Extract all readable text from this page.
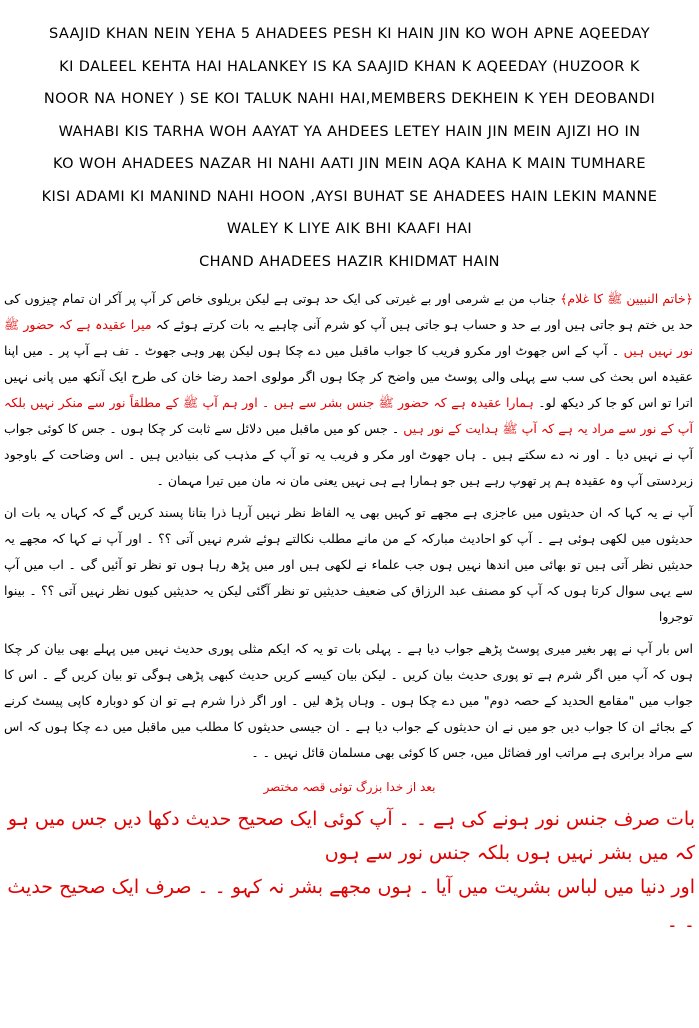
SAAJID KHAN NEIN YEHA 5 AHADEES PESH KI HAIN JIN KO WOH APNE AQEEDAY

KI DALEEL KEHTA HAI HALANKEY IS KA SAAJID KHAN K AQEEDAY (HUZOOR K

NOOR NA HONEY ) SE KOI TALUK NAHI HAI,MEMBERS DEKHEIN K YEH DEOBANDI

WAHABI KIS TARHA WOH AAYAT YA AHDEES LETEY HAIN JIN MEIN AJIZI HO IN

KO WOH AHADEES NAZAR HI NAHI AATI JIN MEIN AQA KAHA K MAIN TUMHARE

KISI ADAMI KI MANIND NAHI HOON ,AYSI BUHAT SE AHADEES HAIN LEKIN MANNE

WALEY K LIYE AIK BHI KAAFI HAI

CHAND AHADEES HAZIR KHIDMAT HAIN

﴿خاتم النبیین ﷺ کا غلام﴾ جناب من بے شرمی اور بے غیرتی کی ایک حد ہوتی ہے لیکن بریلوی خاص کر آپ پر آکر ان تمام چیزوں کی حد یں ختم ہو جاتی ہیں اور بے حد و حساب ہو جاتی ہیں آپ کو شرم آنی چاہیے یہ بات کرتے ہوئے کہ میرا عقیدہ ہے کہ حضور ﷺ نور نہیں ہیں ۔ آپ کے اس جھوٹ اور مکرو فریب کا جواب ماقبل میں دے چکا ہوں لیکن پھر وہی جھوٹ ۔ تف ہے آپ پر ۔ میں اپنا عقیدہ اس بحث کی سب سے پہلی والی پوسٹ میں واضح کر چکا ہوں اگر مولوی احمد رضا خان کی طرح ایک آنکھ میں پانی نہیں اترا تو اس کو جا کر دیکھ لو۔ ہمارا عقیدہ ہے کہ حضور ﷺ جنس بشر سے ہیں ۔ اور ہم آپ ﷺ کے مطلقاً نور سے منکر نہیں بلکہ آپ کے نور سے مراد یہ ہے کہ آپ ﷺ ہدایت کے نور ہیں ۔ جس کو میں ماقبل میں دلائل سے ثابت کر چکا ہوں ۔ جس کا کوئی جواب آپ نے نہیں دیا ۔ اور نہ دے سکتے ہیں ۔ ہاں جھوٹ اور مکر و فریب یہ تو آپ کے مذہب کی بنیادیں ہیں ۔ اس وضاحت کے باوجود زبردستی آپ وہ عقیدہ ہم پر تھوپ رہے ہیں جو ہمارا ہے ہی نہیں یعنی مان نہ مان میں تیرا مہمان ۔

آپ نے یہ کہا کہ ان حدیثوں میں عاجزی ہے مجھے تو کہیں بھی یہ الفاظ نظر نہیں آرہا ذرا بتانا پسند کریں گے کہ کہاں یہ بات ان حدیثوں میں لکھی ہوئی ہے ۔ آپ کو احادیث مبارکہ کے من مانے مطلب نکالتے ہوئے شرم نہیں آتی ؟؟ ۔ اور آپ نے کہا کہ مجھے یہ حدیثیں نظر آتی ہیں تو بھائی میں اندھا نہیں ہوں جب علماء نے لکھی ہیں اور میں پڑھ رہا ہوں تو نظر تو آئیں گی ۔ اب میں آپ سے یہی سوال کرتا ہوں کہ آپ کو مصنف عبد الرزاق کی ضعیف حدیثیں تو نظر آگئی لیکن یہ حدیثیں کیوں نظر نہیں آتی ؟؟ ۔ بینوا توجروا

اس بار آپ نے پھر بغیر میری پوسٹ پڑھے جواب دیا ہے ۔ پہلی بات تو یہ کہ ایکم مثلی پوری حدیث نہیں میں پہلے بھی بیان کر چکا ہوں کہ آپ میں اگر شرم ہے تو پوری حدیث بیان کریں ۔ لیکن بیان کیسے کریں حدیث کبھی پڑھی ہوگی تو بیان کریں گے ۔ اس کا جواب میں "مقامع الحدید کے حصہ دوم" میں دے چکا ہوں ۔ وہاں پڑھ لیں ۔ اور اگر ذرا شرم ہے تو ان کو دوبارہ کاپی پیسٹ کرنے کے بجائے ان کا جواب دیں جو میں نے ان حدیثوں کے جواب دیا ہے ۔ ان جیسی حدیثوں کا مطلب میں ماقبل میں دے چکا ہوں کہ اس سے مراد برابری ہے مراتب اور فضائل میں، جس کا کوئی بھی مسلمان قائل نہیں ۔ ۔

بعد از خدا بزرگ توئی قصہ مختصر

بات صرف جنس نور ہونے کی ہے ۔ ۔ آپ کوئی ایک صحیح حدیث دکھا دیں جس میں ہو کہ میں بشر نہیں ہوں بلکہ جنس نور سے ہوں
اور دنیا میں لباس بشریت میں آیا ۔ ہوں مجھے بشر نہ کہو ۔ ۔ صرف ایک صحیح حدیث ۔ ۔
